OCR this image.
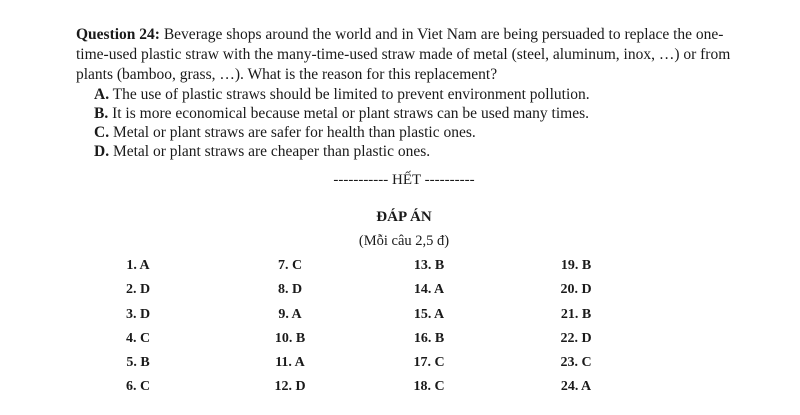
Question 24: Beverage shops around the world and in Viet Nam are being persuaded to replace the one-time-used plastic straw with the many-time-used straw made of metal (steel, aluminum, inox, …) or from plants (bamboo, grass, …). What is the reason for this replacement?

A. The use of plastic straws should be limited to prevent environment pollution.
B. It is more economical because metal or plant straws can be used many times.
C. Metal or plant straws are safer for health than plastic ones.
D. Metal or plant straws are cheaper than plastic ones.
----------- HẾT ----------
ĐÁP ÁN
(Mỗi câu 2,5 đ)
1. A	7. C	13. B	19. B
2. D	8. D	14. A	20. D
3. D	9. A	15. A	21. B
4. C	10. B	16. B	22. D
5. B	11. A	17. C	23. C
6. C	12. D	18. C	24. A
